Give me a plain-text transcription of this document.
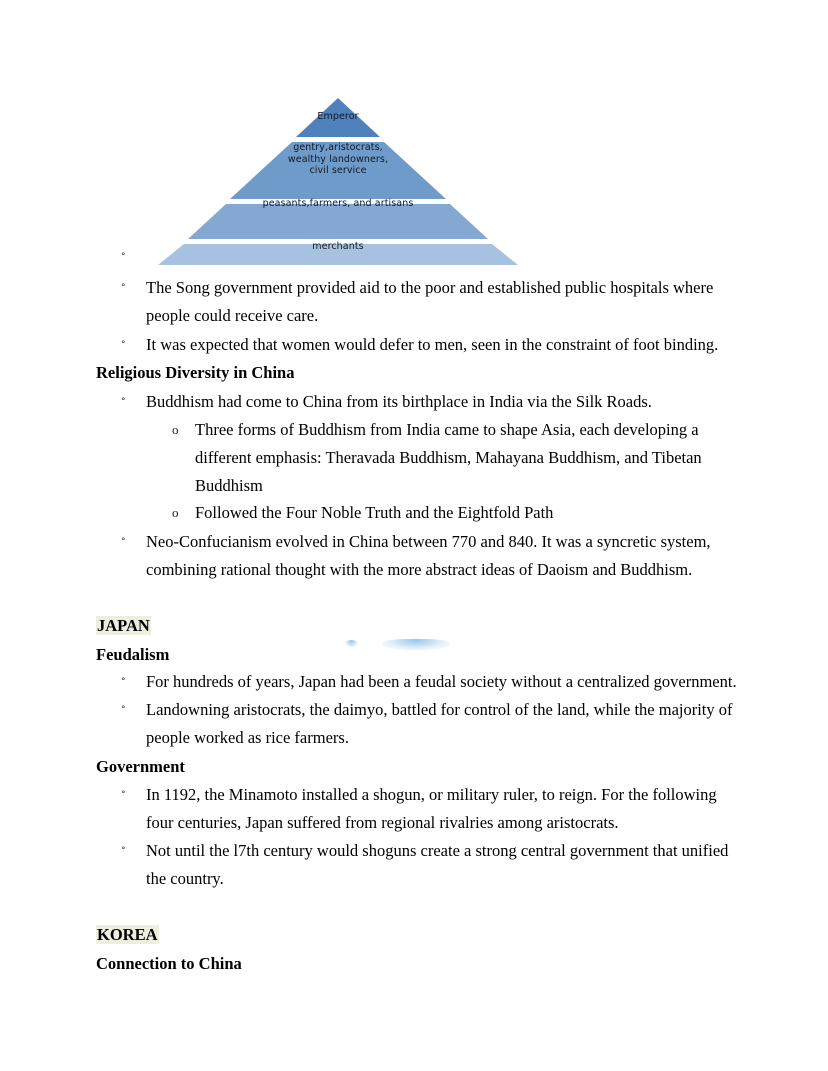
°
Emperor
gentry,aristocrats,
wealthy landowners,
civil service
peasants,farmers, and artisans
merchants
° The Song government provided aid to the poor and established public hospitals where
people could receive care.
° It was expected that women would defer to men, seen in the constraint of foot binding.
Religious Diversity in China
° Buddhism had come to China from its birthplace in India via the Silk Roads.
o Three forms of Buddhism from India came to shape Asia, each developing a
different emphasis: Theravada Buddhism, Mahayana Buddhism, and Tibetan
Buddhism
o Followed the Four Noble Truth and the Eightfold Path
° Neo-Confucianism evolved in China between 770 and 840. It was a syncretic system,
combining rational thought with the more abstract ideas of Daoism and Buddhism.
JAPAN
Feudalism
° For hundreds of years, Japan had been a feudal society without a centralized government.
° Landowning aristocrats, the daimyo, battled for control of the land, while the majority of
people worked as rice farmers.
Government
° In 1192, the Minamoto installed a shogun, or military ruler, to reign. For the following
four centuries, Japan suffered from regional rivalries among aristocrats.
° Not until the l7th century would shoguns create a strong central government that unified
the country.
KOREA
Connection to China
